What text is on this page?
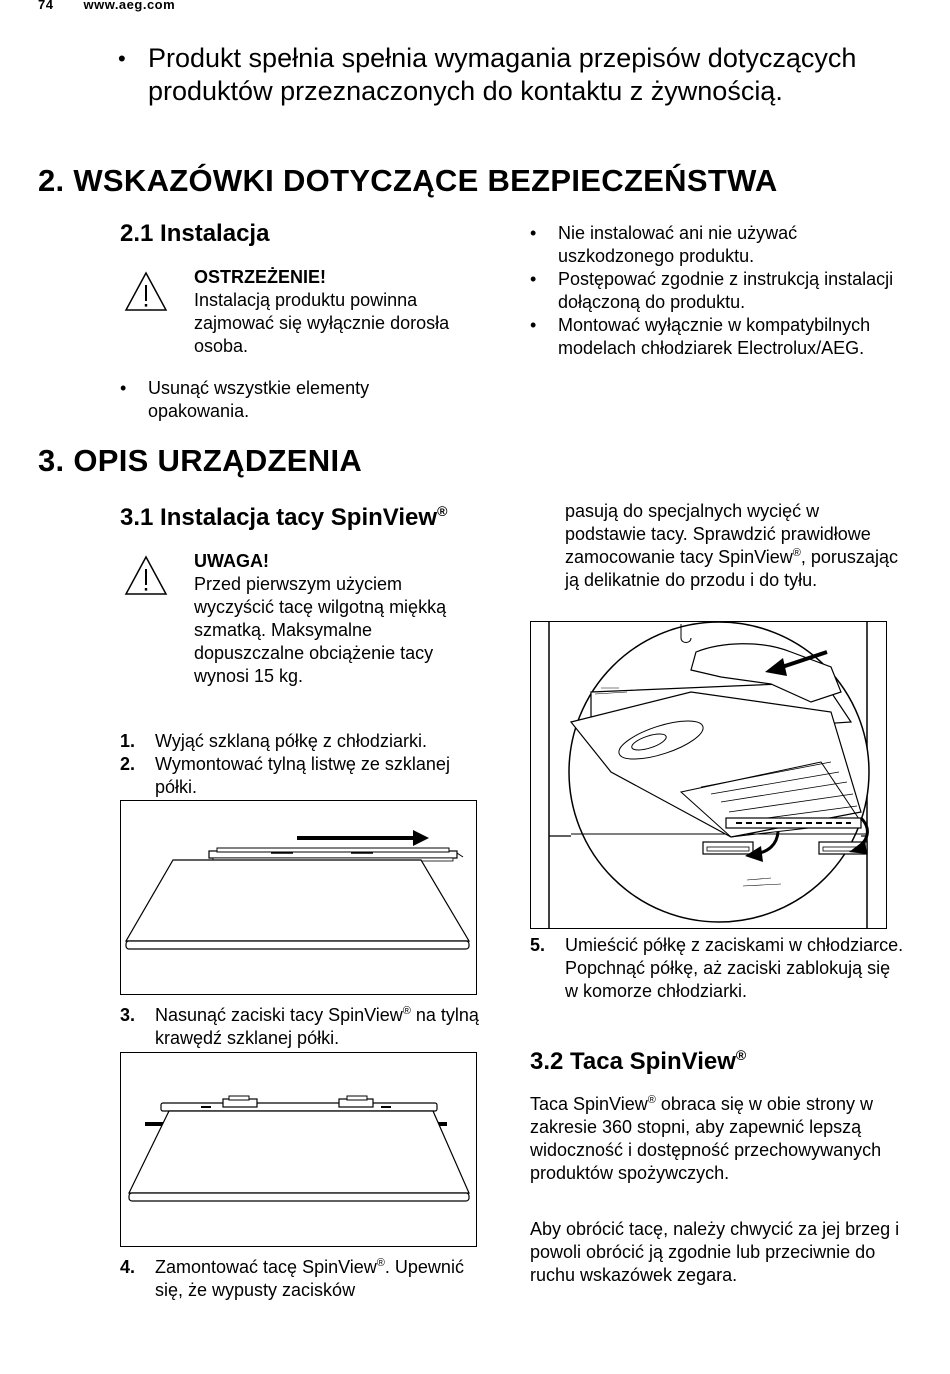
74 www.aeg.com
• Produkt spełnia spełnia wymagania przepisów dotyczących produktów przeznaczonych do kontaktu z żywnością.
2. WSKAZÓWKI DOTYCZĄCE BEZPIECZEŃSTWA
2.1 Instalacja
OSTRZEŻENIE!
Instalacją produktu powinna zajmować się wyłącznie dorosła osoba.
• Usunąć wszystkie elementy opakowania.
• Nie instalować ani nie używać uszkodzonego produktu.
• Postępować zgodnie z instrukcją instalacji dołączoną do produktu.
• Montować wyłącznie w kompatybilnych modelach chłodziarek Electrolux/AEG.
3. OPIS URZĄDZENIA
3.1 Instalacja tacy SpinView®
UWAGA!
Przed pierwszym użyciem wyczyścić tacę wilgotną miękką szmatką. Maksymalne dopuszczalne obciążenie tacy wynosi 15 kg.
1.	Wyjąć szklaną półkę z chłodziarki.
2.	Wymontować tylną listwę ze szklanej półki.
3.	Nasunąć zaciski tacy SpinView® na tylną krawędź szklanej półki.
4.	Zamontować tacę SpinView®. Upewnić się, że wypusty zacisków
pasują do specjalnych wycięć w podstawie tacy. Sprawdzić prawidłowe zamocowanie tacy SpinView®, poruszając ją delikatnie do przodu i do tyłu.
5.	Umieścić półkę z zaciskami w chłodziarce. Popchnąć półkę, aż zaciski zablokują się w komorze chłodziarki.
3.2 Taca SpinView®
Taca SpinView® obraca się w obie strony w zakresie 360 stopni, aby zapewnić lepszą widoczność i dostępność przechowywanych produktów spożywczych.
Aby obrócić tacę, należy chwycić za jej brzeg i powoli obrócić ją zgodnie lub przeciwnie do ruchu wskazówek zegara.
